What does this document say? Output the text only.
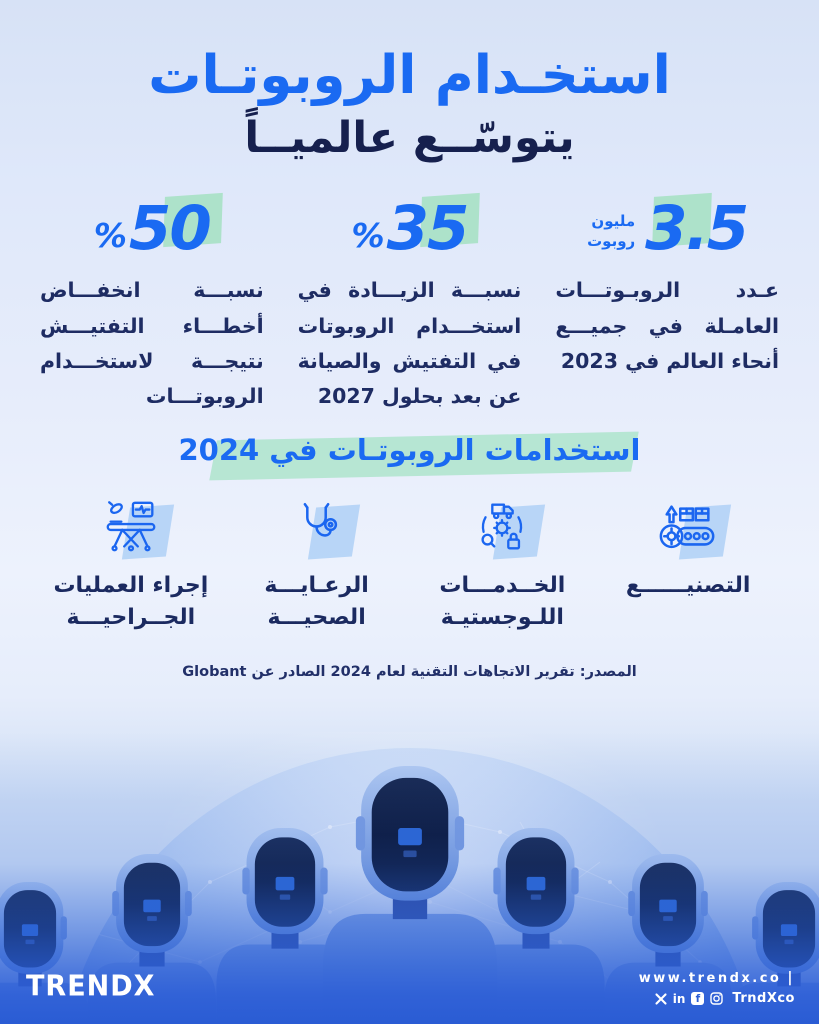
استخـدام الروبوتـات
يتوسّــع عالميــاً
مليون
روبوت 3.5

عـدد الروبـوتـــات العامـلة في جميـــع أنحاء العالم في 2023

% 35

نسبـــة الزيـــادة في استخـــدام الروبوتات في التفتيش والصيانة عن بعد بحلول 2027

% 50

نسبـــة انخفـــاض أخطـــاء التفتيـــش نتيجـــة لاستخـــدام الروبوتـــات

استخدامات الروبوتـات في 2024
التصنيــــــع
الخــدمـــات اللـوجستيـة
الرعـايـــة الصحيـــة
إجراء العمليات الجــراحيـــة
المصدر: تقرير الاتجاهات التقنية لعام 2024 الصادر عن Globant
TRENDX	www.trendx.co |
in f	TrndXco
